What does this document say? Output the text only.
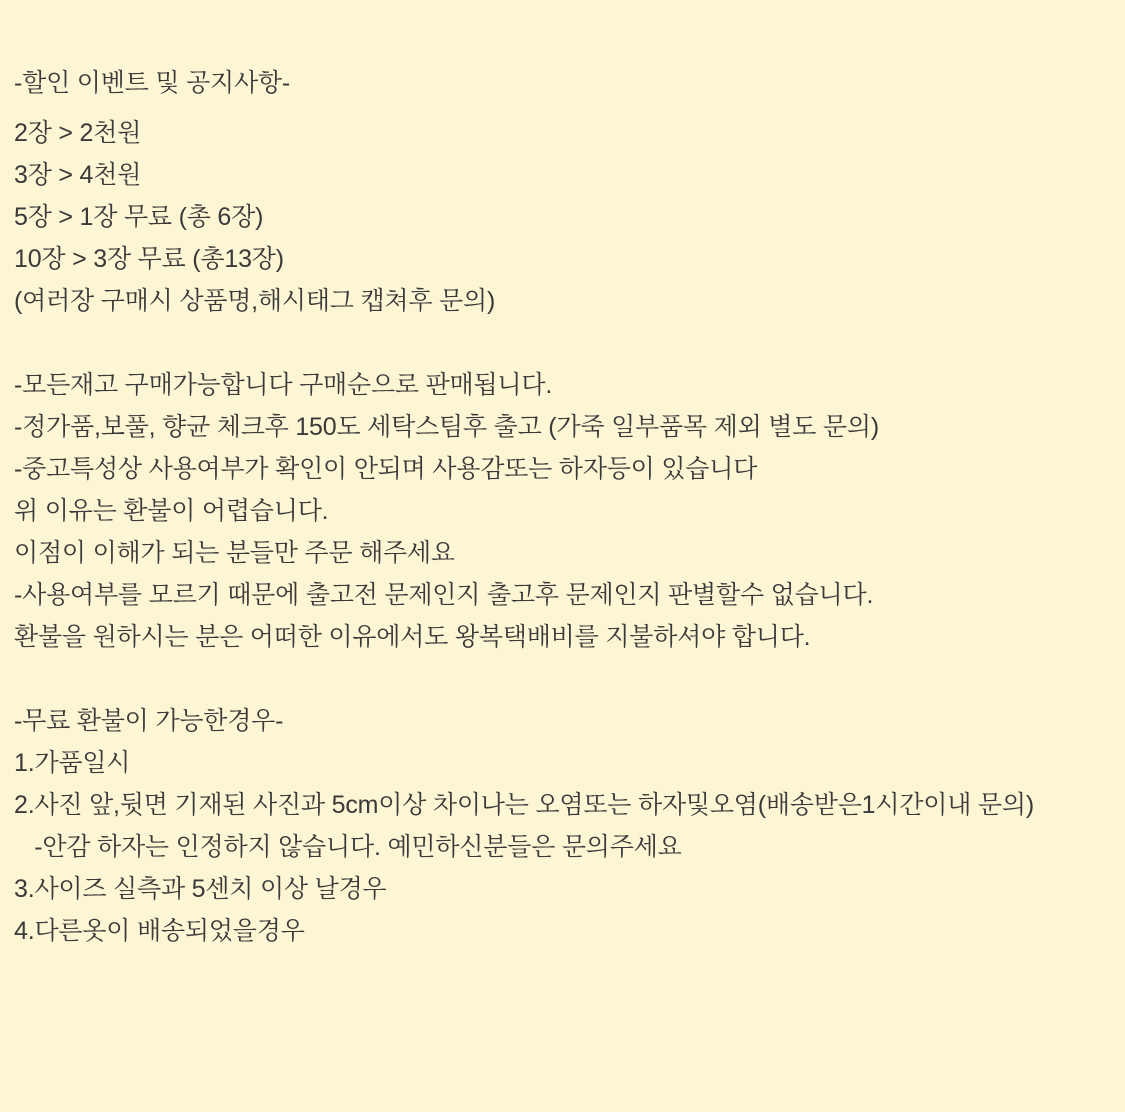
-할인 이벤트 및 공지사항-
2장 > 2천원
3장 > 4천원
5장 > 1장 무료 (총 6장)
10장 > 3장 무료 (총13장)
(여러장 구매시 상품명,해시태그 캡쳐후 문의)
-모든재고 구매가능합니다 구매순으로 판매됩니다.
-정가품,보풀, 향균 체크후 150도 세탁스팀후 출고 (가죽 일부품목 제외 별도 문의)
-중고특성상 사용여부가 확인이 안되며 사용감또는 하자등이 있습니다
위 이유는 환불이 어렵습니다.
이점이 이해가 되는 분들만 주문 해주세요
-사용여부를 모르기 때문에 출고전 문제인지 출고후 문제인지 판별할수 없습니다.
환불을 원하시는 분은 어떠한 이유에서도 왕복택배비를 지불하셔야 합니다.
-무료 환불이 가능한경우-
1.가품일시
2.사진 앞,뒷면 기재된 사진과 5cm이상 차이나는 오염또는 하자및오염(배송받은1시간이내 문의)
-안감 하자는 인정하지 않습니다. 예민하신분들은 문의주세요
3.사이즈 실측과 5센치 이상 날경우
4.다른옷이 배송되었을경우
